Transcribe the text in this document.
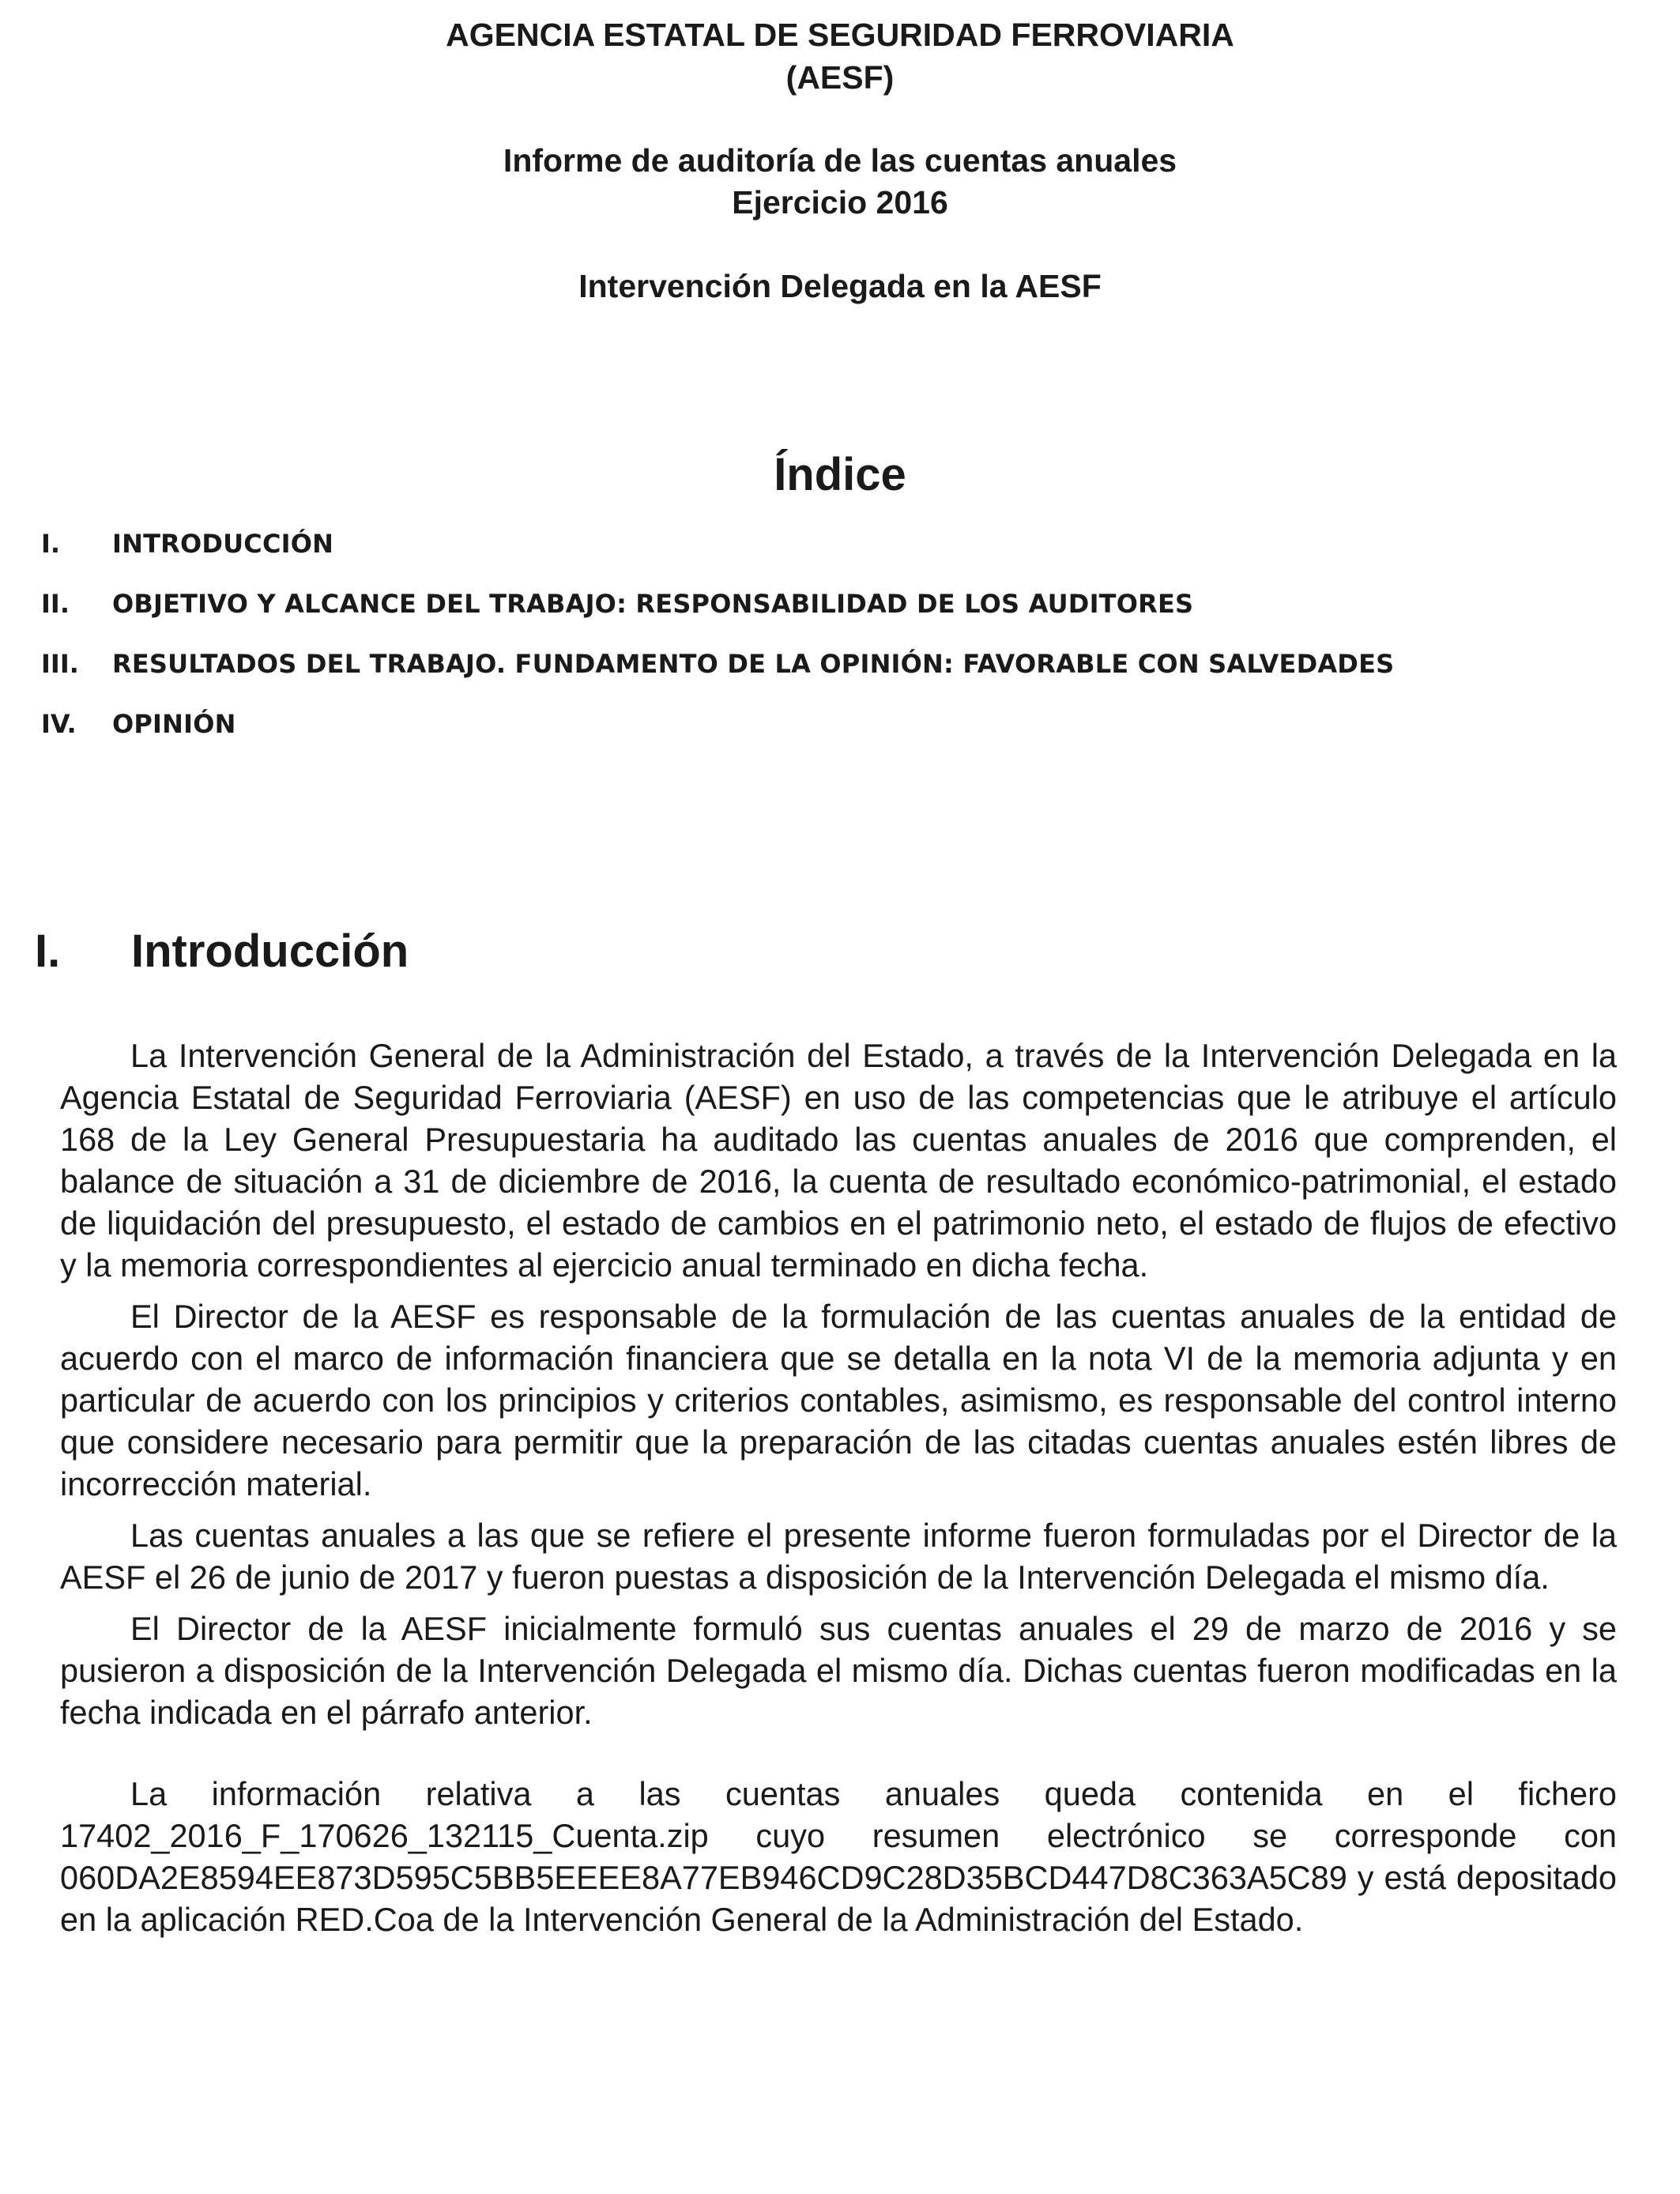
AGENCIA ESTATAL DE SEGURIDAD FERROVIARIA
(AESF)
Informe de auditoría de las cuentas anuales
Ejercicio 2016
Intervención Delegada en la AESF
Índice
I.	INTRODUCCIÓN
II.	OBJETIVO Y ALCANCE DEL TRABAJO: RESPONSABILIDAD DE LOS AUDITORES
III.	RESULTADOS DEL TRABAJO. FUNDAMENTO DE LA OPINIÓN: FAVORABLE CON SALVEDADES
IV.	OPINIÓN
I.	Introducción

La Intervención General de la Administración del Estado, a través de la Intervención Delegada en la Agencia Estatal de Seguridad Ferroviaria (AESF) en uso de las competencias que le atribuye el artículo 168 de la Ley General Presupuestaria ha auditado las cuentas anuales de 2016 que comprenden, el balance de situación a 31 de diciembre de 2016, la cuenta de resultado económico-patrimonial, el estado de liquidación del presupuesto, el estado de cambios en el patrimonio neto, el estado de flujos de efectivo y la memoria correspondientes al ejercicio anual terminado en dicha fecha.

El Director de la AESF es responsable de la formulación de las cuentas anuales de la entidad de acuerdo con el marco de información financiera que se detalla en la nota VI de la memoria adjunta y en particular de acuerdo con los principios y criterios contables, asimismo, es responsable del control interno que considere necesario para permitir que la preparación de las citadas cuentas anuales estén libres de incorrección material.

Las cuentas anuales a las que se refiere el presente informe fueron formuladas por el Director de la AESF el 26 de junio de 2017 y fueron puestas a disposición de la Intervención Delegada el mismo día.

El Director de la AESF inicialmente formuló sus cuentas anuales el 29 de marzo de 2016 y se pusieron a disposición de la Intervención Delegada el mismo día. Dichas cuentas fueron modificadas en la fecha indicada en el párrafo anterior.

La información relativa a las cuentas anuales queda contenida en el fichero 17402_2016_F_170626_132115_Cuenta.zip cuyo resumen electrónico se corresponde con 060DA2E8594EE873D595C5BB5EEEE8A77EB946CD9C28D35BCD447D8C363A5C89 y está depositado en la aplicación RED.Coa de la Intervención General de la Administración del Estado.
